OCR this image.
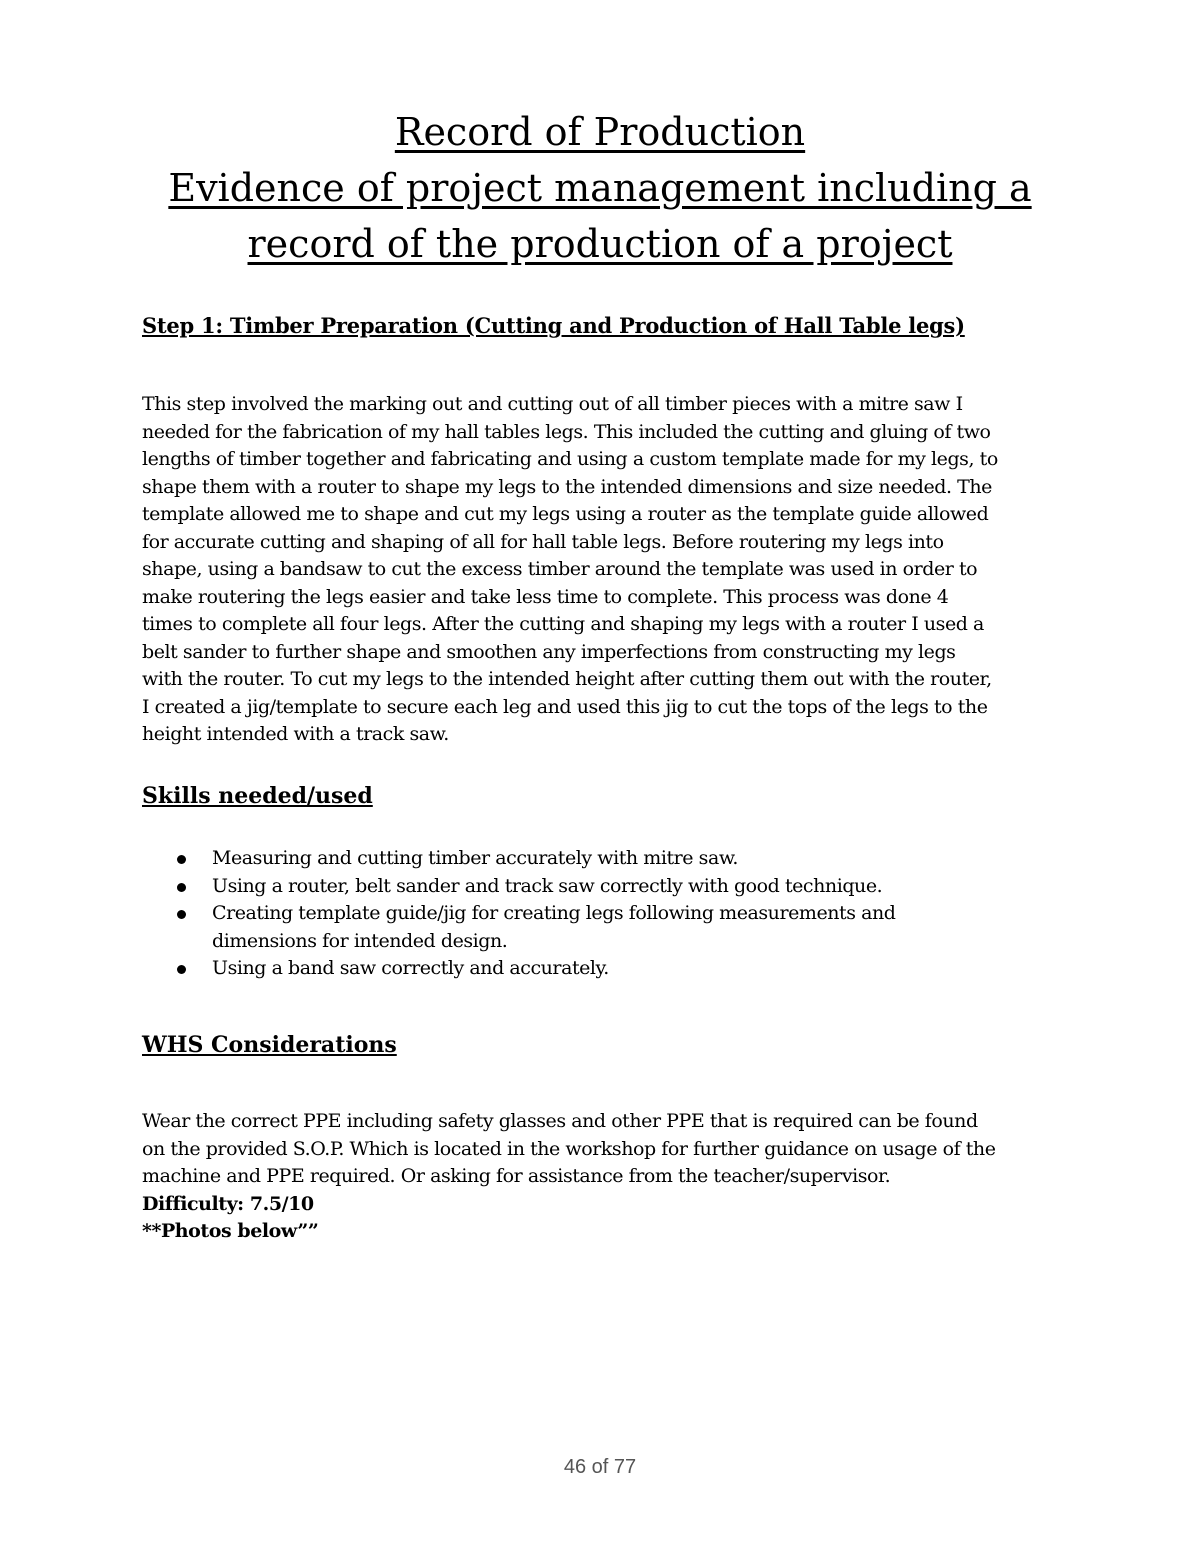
Record of Production
Evidence of project management including a
record of the production of a project
Step 1: Timber Preparation (Cutting and Production of Hall Table legs)
This step involved the marking out and cutting out of all timber pieces with a mitre saw I
needed for the fabrication of my hall tables legs. This included the cutting and gluing of two
lengths of timber together and fabricating and using a custom template made for my legs, to
shape them with a router to shape my legs to the intended dimensions and size needed. The
template allowed me to shape and cut my legs using a router as the template guide allowed
for accurate cutting and shaping of all for hall table legs. Before routering my legs into
shape, using a bandsaw to cut the excess timber around the template was used in order to
make routering the legs easier and take less time to complete. This process was done 4
times to complete all four legs. After the cutting and shaping my legs with a router I used a
belt sander to further shape and smoothen any imperfections from constructing my legs
with the router. To cut my legs to the intended height after cutting them out with the router,
I created a jig/template to secure each leg and used this jig to cut the tops of the legs to the
height intended with a track saw.
Skills needed/used
Measuring and cutting timber accurately with mitre saw.
Using a router, belt sander and track saw correctly with good technique.
Creating template guide/jig for creating legs following measurements and
dimensions for intended design.
Using a band saw correctly and accurately.
WHS Considerations
Wear the correct PPE including safety glasses and other PPE that is required can be found
on the provided S.O.P. Which is located in the workshop for further guidance on usage of the
machine and PPE required. Or asking for assistance from the teacher/supervisor.
Difficulty: 7.5/10
**Photos below””
46 of 77
